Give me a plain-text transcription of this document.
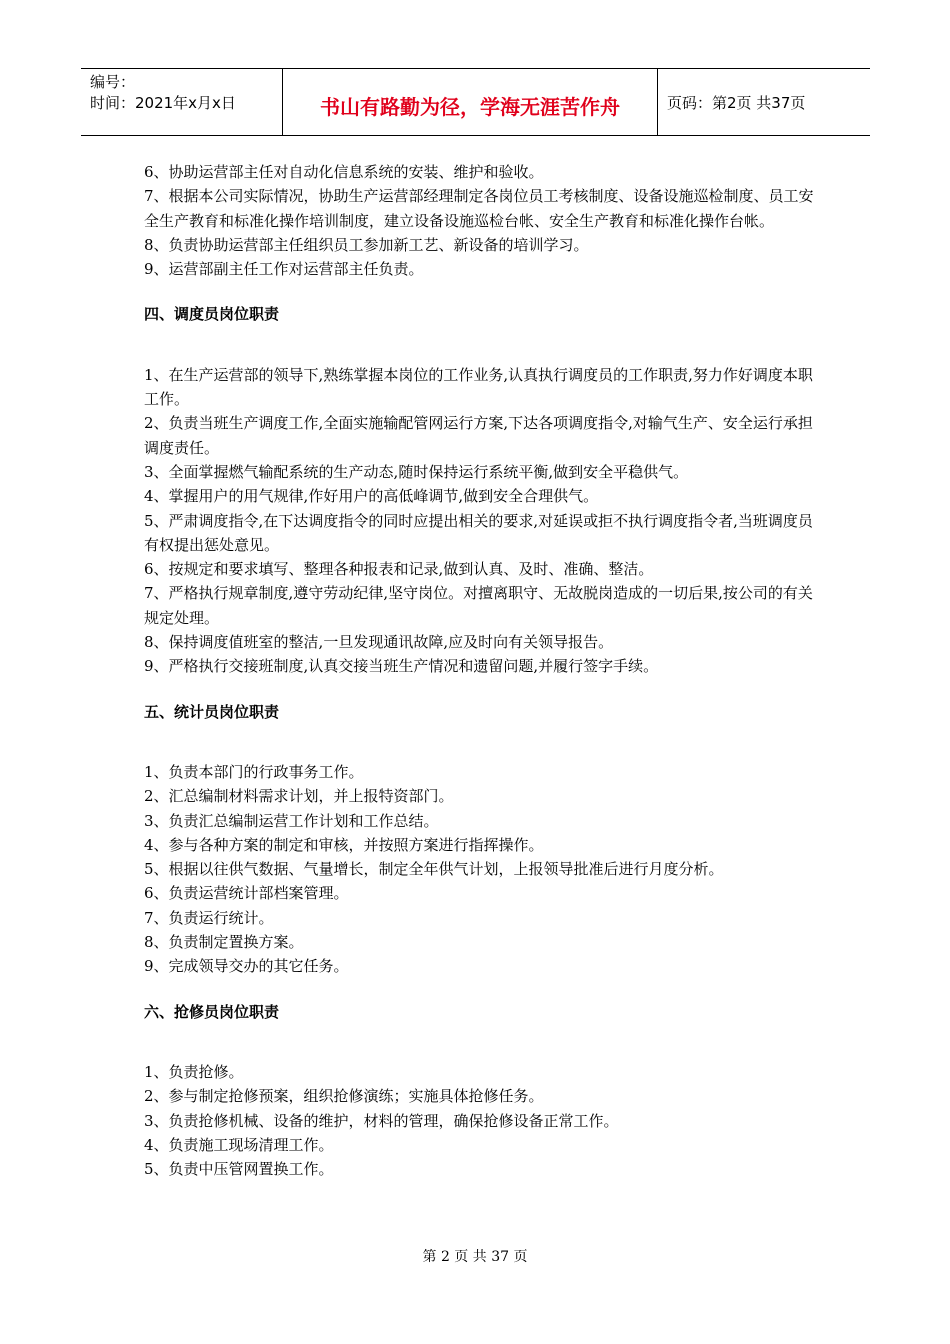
编号：
时间：2021年x月x日	书山有路勤为径，学海无涯苦作舟	页码：第2页 共37页

6、协助运营部主任对自动化信息系统的安装、维护和验收。

7、根据本公司实际情况，协助生产运营部经理制定各岗位员工考核制度、设备设施巡检制度、员工安全生产教育和标准化操作培训制度，建立设备设施巡检台帐、安全生产教育和标准化操作台帐。

8、负责协助运营部主任组织员工参加新工艺、新设备的培训学习。

9、运营部副主任工作对运营部主任负责。

四、调度员岗位职责

1、在生产运营部的领导下,熟练掌握本岗位的工作业务,认真执行调度员的工作职责,努力作好调度本职工作。

2、负责当班生产调度工作,全面实施输配管网运行方案,下达各项调度指令,对输气生产、安全运行承担调度责任。

3、全面掌握燃气输配系统的生产动态,随时保持运行系统平衡,做到安全平稳供气。

4、掌握用户的用气规律,作好用户的高低峰调节,做到安全合理供气。

5、严肃调度指令,在下达调度指令的同时应提出相关的要求,对延误或拒不执行调度指令者,当班调度员有权提出惩处意见。

6、按规定和要求填写、整理各种报表和记录,做到认真、及时、准确、整洁。

7、严格执行规章制度,遵守劳动纪律,坚守岗位。对擅离职守、无故脱岗造成的一切后果,按公司的有关规定处理。

8、保持调度值班室的整洁,一旦发现通讯故障,应及时向有关领导报告。

9、严格执行交接班制度,认真交接当班生产情况和遗留问题,并履行签字手续。

五、统计员岗位职责

1、负责本部门的行政事务工作。

2、汇总编制材料需求计划，并上报特资部门。

3、负责汇总编制运营工作计划和工作总结。

4、参与各种方案的制定和审核，并按照方案进行指挥操作。

5、根据以往供气数据、气量增长，制定全年供气计划，上报领导批准后进行月度分析。

6、负责运营统计部档案管理。

7、负责运行统计。

8、负责制定置换方案。

9、完成领导交办的其它任务。

六、抢修员岗位职责

1、负责抢修。

2、参与制定抢修预案，组织抢修演练；实施具体抢修任务。

3、负责抢修机械、设备的维护，材料的管理，确保抢修设备正常工作。

4、负责施工现场清理工作。

5、负责中压管网置换工作。

第 2 页 共 37 页
